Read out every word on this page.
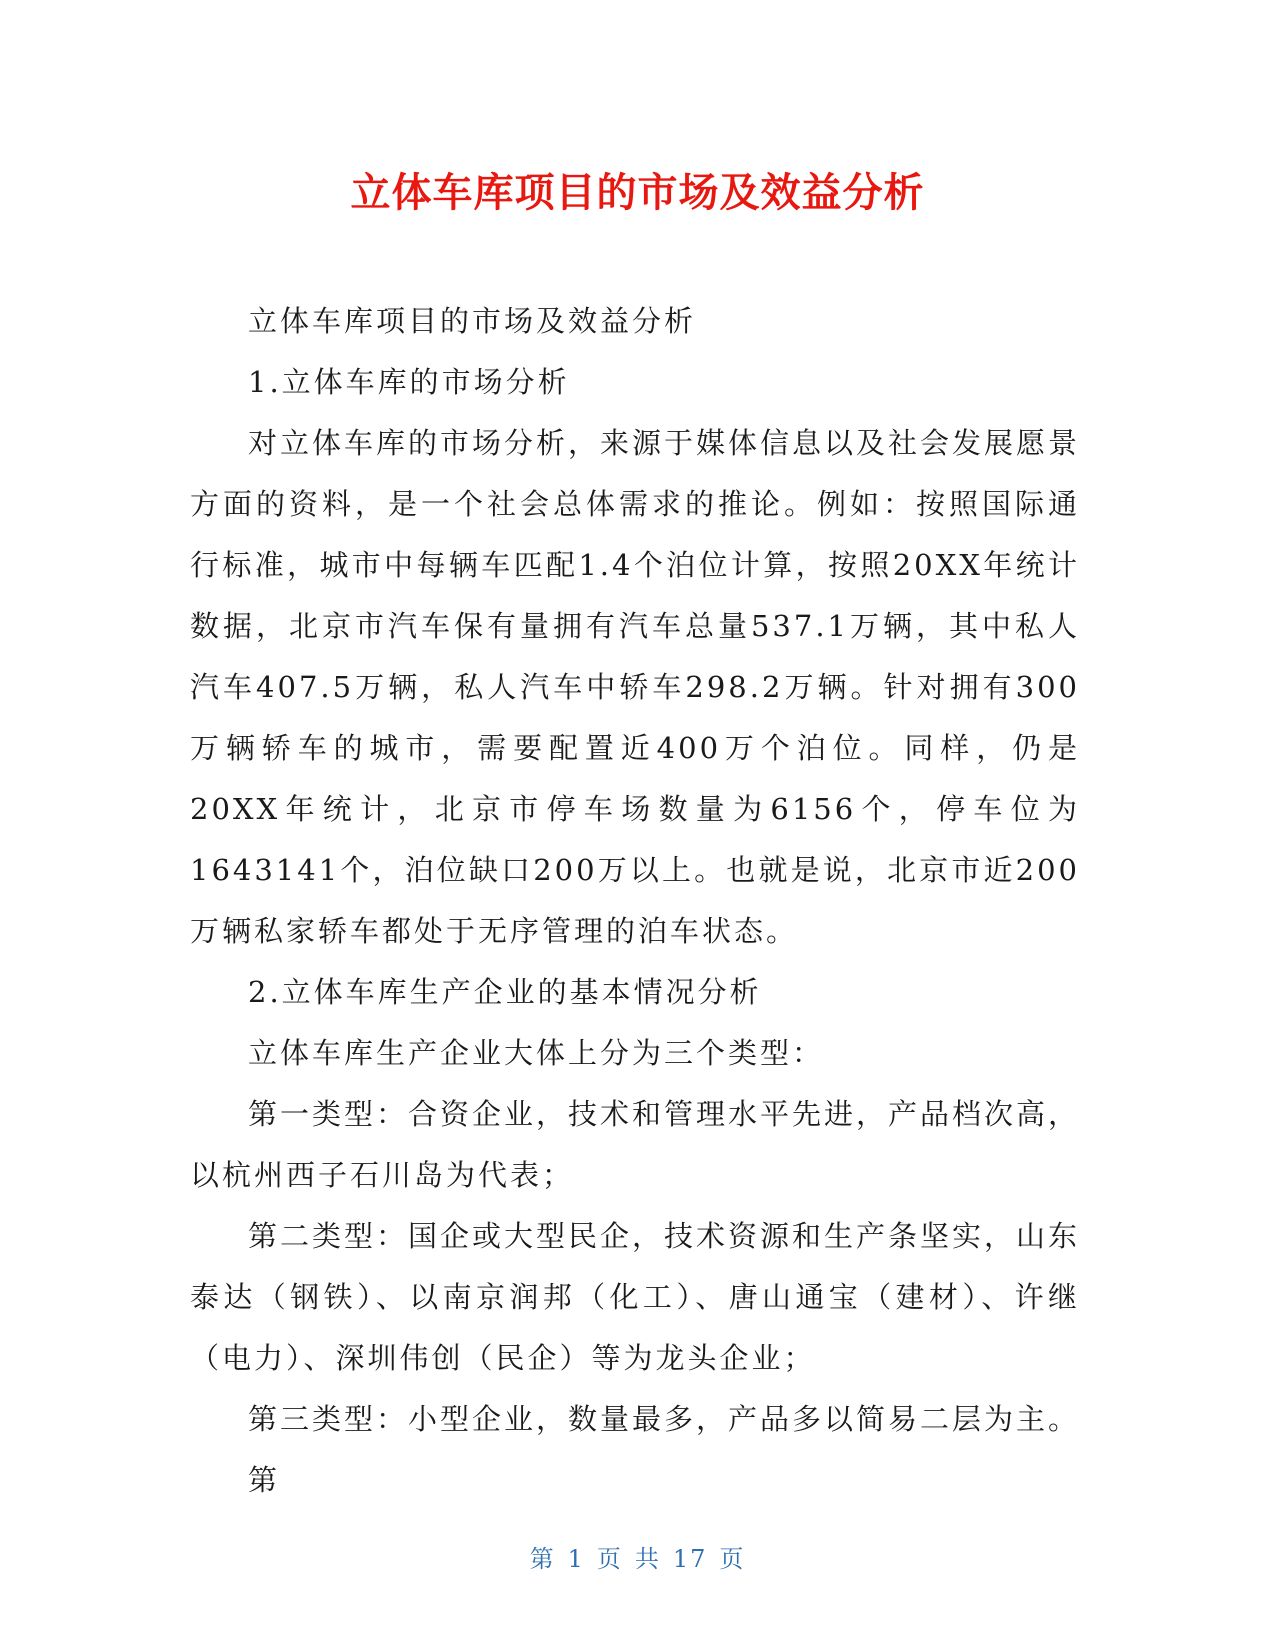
立体车库项目的市场及效益分析

立体车库项目的市场及效益分析

1.立体车库的市场分析

对立体车库的市场分析，来源于媒体信息以及社会发展愿景方面的资料，是一个社会总体需求的推论。例如：按照国际通行标准，城市中每辆车匹配1.4个泊位计算，按照20XX年统计数据，北京市汽车保有量拥有汽车总量537.1万辆，其中私人汽车407.5万辆，私人汽车中轿车298.2万辆。针对拥有300万辆轿车的城市，需要配置近400万个泊位。同样，仍是20XX年统计，北京市停车场数量为6156个，停车位为1643141个，泊位缺口200万以上。也就是说，北京市近200万辆私家轿车都处于无序管理的泊车状态。

2.立体车库生产企业的基本情况分析

立体车库生产企业大体上分为三个类型：

第一类型：合资企业，技术和管理水平先进，产品档次高，以杭州西子石川岛为代表；

第二类型：国企或大型民企，技术资源和生产条坚实，山东泰达（钢铁）、以南京润邦（化工）、唐山通宝（建材）、许继（电力）、深圳伟创（民企）等为龙头企业；

第三类型：小型企业，数量最多，产品多以简易二层为主。

第

第 1 页 共 17 页
